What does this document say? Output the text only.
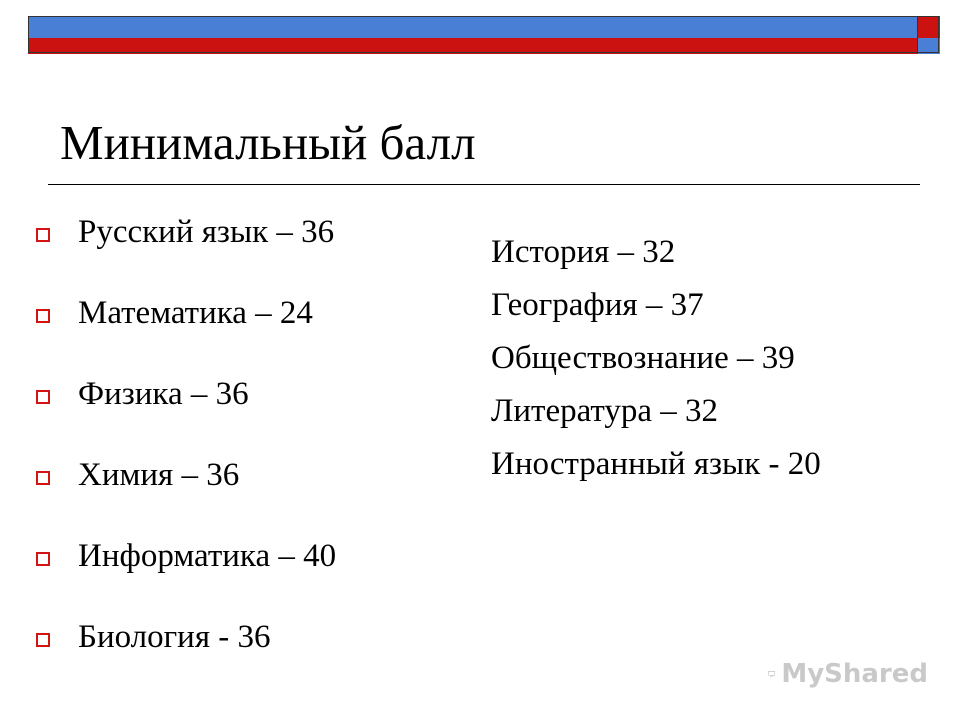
Минимальный балл
Русский язык – 36
Математика – 24
Физика – 36
Химия – 36
Информатика – 40
Биология - 36
История – 32
География – 37
Обществознание – 39
Литература – 32
Иностранный язык - 20
MyShared
